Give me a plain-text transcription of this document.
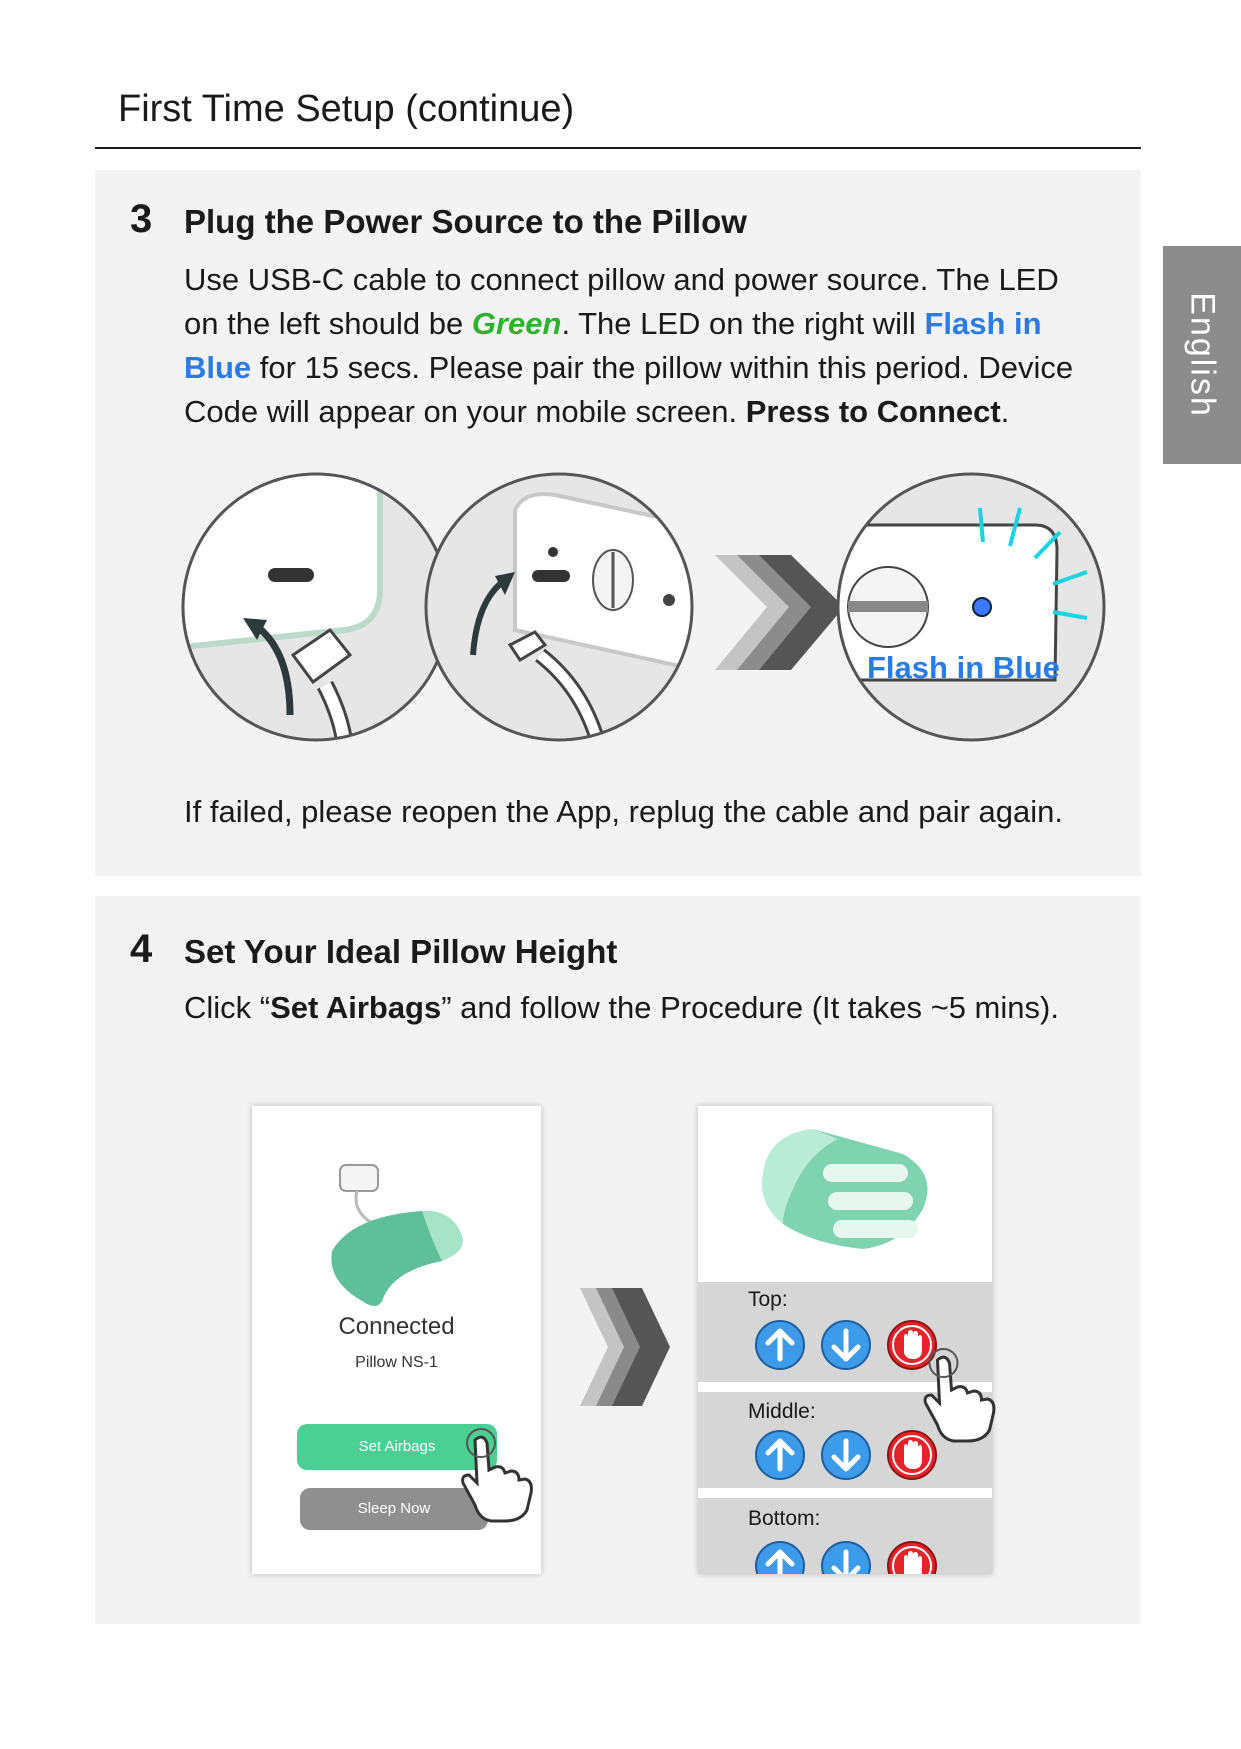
First Time Setup (continue)
English
3 Plug the Power Source to the Pillow
Use USB-C cable to connect pillow and power source. The LED
on the left should be Green. The LED on the right will Flash in
Blue for 15 secs. Please pair the pillow within this period. Device
Code will appear on your mobile screen. Press to Connect.
Flash in Blue
If failed, please reopen the App, replug the cable and pair again.
4 Set Your Ideal Pillow Height
Click “Set Airbags” and follow the Procedure (It takes ~5 mins).
Connected
Pillow NS-1
Set Airbags
Sleep Now
Top:
Middle:
Bottom:
